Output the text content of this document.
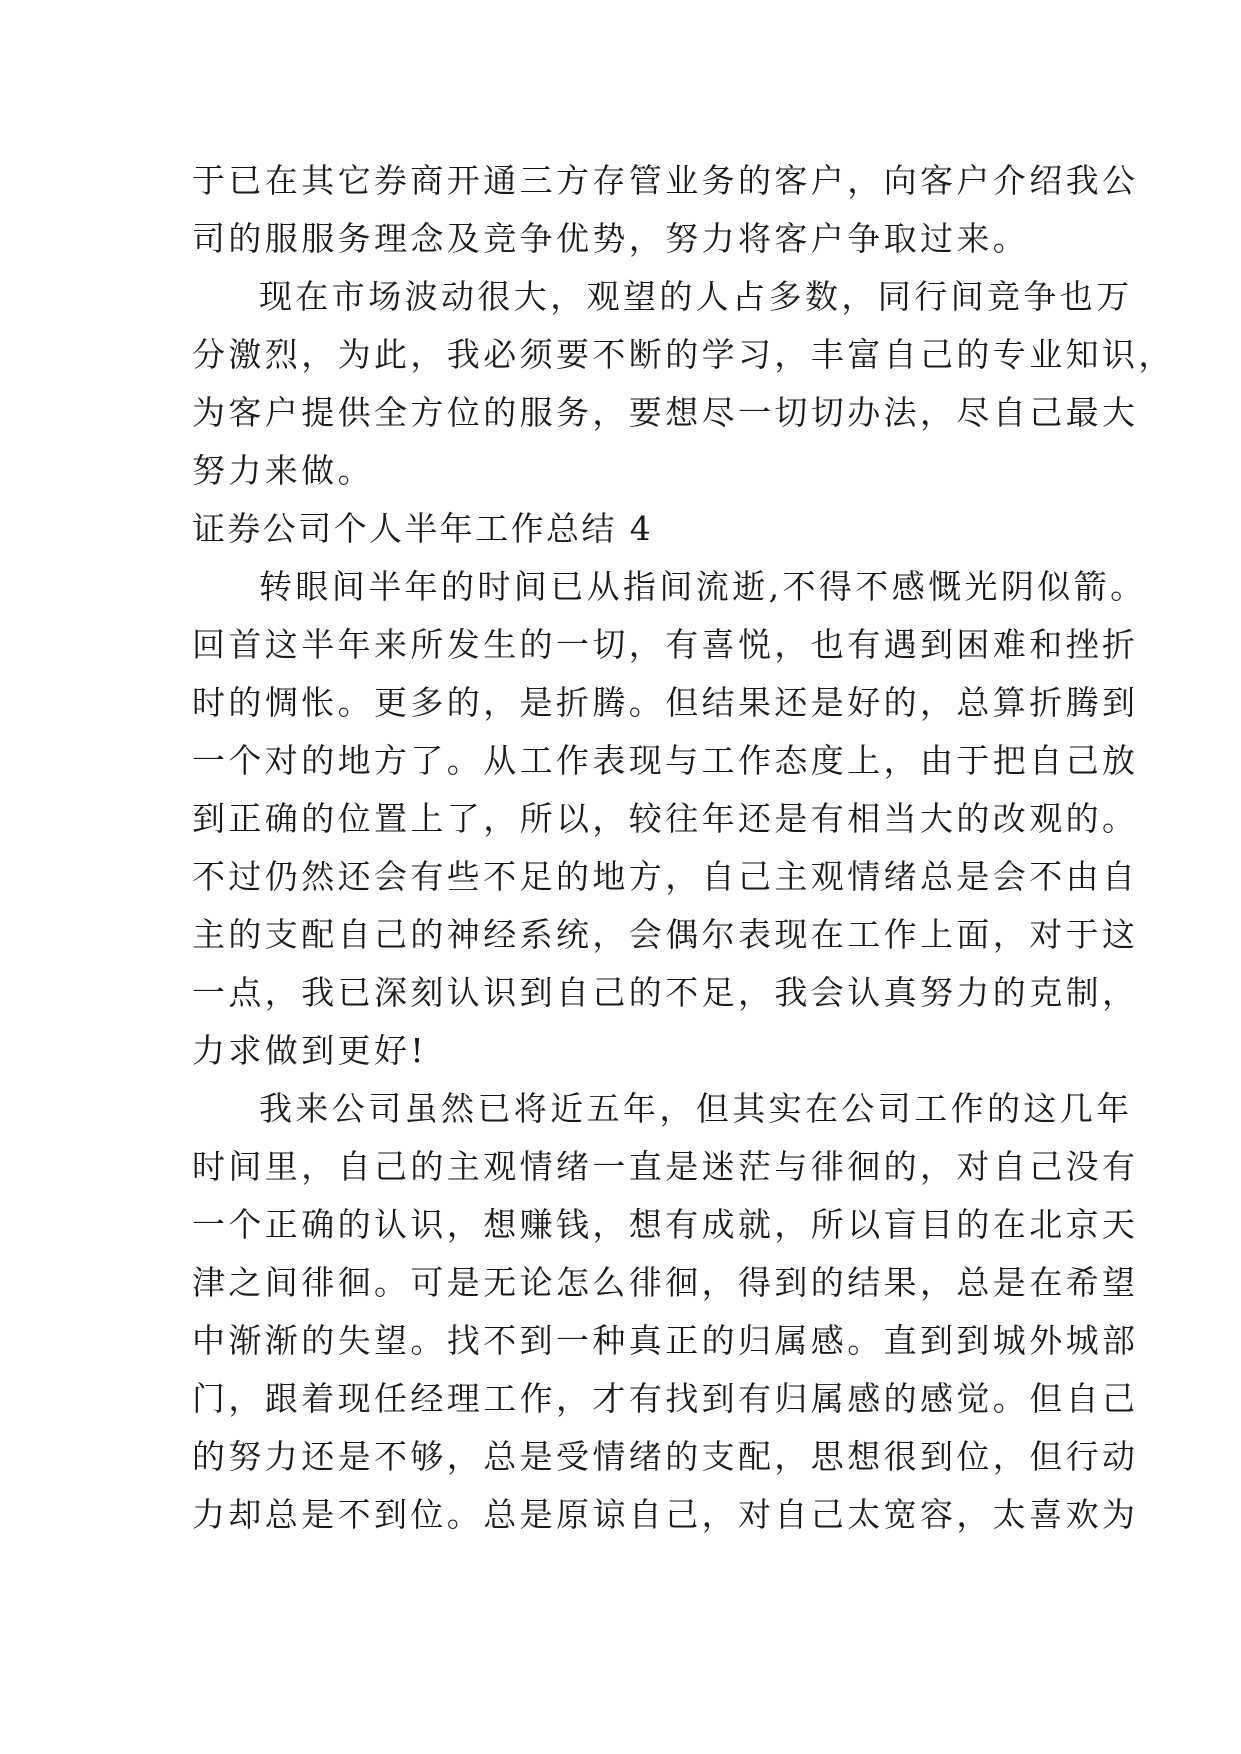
于已在其它券商开通三方存管业务的客户，向客户介绍我公
司的服服务理念及竞争优势，努力将客户争取过来。
现在市场波动很大，观望的人占多数，同行间竞争也万
分激烈，为此，我必须要不断的学习，丰富自己的专业知识，
为客户提供全方位的服务，要想尽一切切办法，尽自己最大
努力来做。
证券公司个人半年工作总结 4
转眼间半年的时间已从指间流逝,不得不感慨光阴似箭。
回首这半年来所发生的一切，有喜悦，也有遇到困难和挫折
时的惆怅。更多的，是折腾。但结果还是好的，总算折腾到
一个对的地方了。从工作表现与工作态度上，由于把自己放
到正确的位置上了，所以，较往年还是有相当大的改观的。
不过仍然还会有些不足的地方，自己主观情绪总是会不由自
主的支配自己的神经系统，会偶尔表现在工作上面，对于这
一点，我已深刻认识到自己的不足，我会认真努力的克制，
力求做到更好!
我来公司虽然已将近五年，但其实在公司工作的这几年
时间里，自己的主观情绪一直是迷茫与徘徊的，对自己没有
一个正确的认识，想赚钱，想有成就，所以盲目的在北京天
津之间徘徊。可是无论怎么徘徊，得到的结果，总是在希望
中渐渐的失望。找不到一种真正的归属感。直到到城外城部
门，跟着现任经理工作，才有找到有归属感的感觉。但自己
的努力还是不够，总是受情绪的支配，思想很到位，但行动
力却总是不到位。总是原谅自己，对自己太宽容，太喜欢为
